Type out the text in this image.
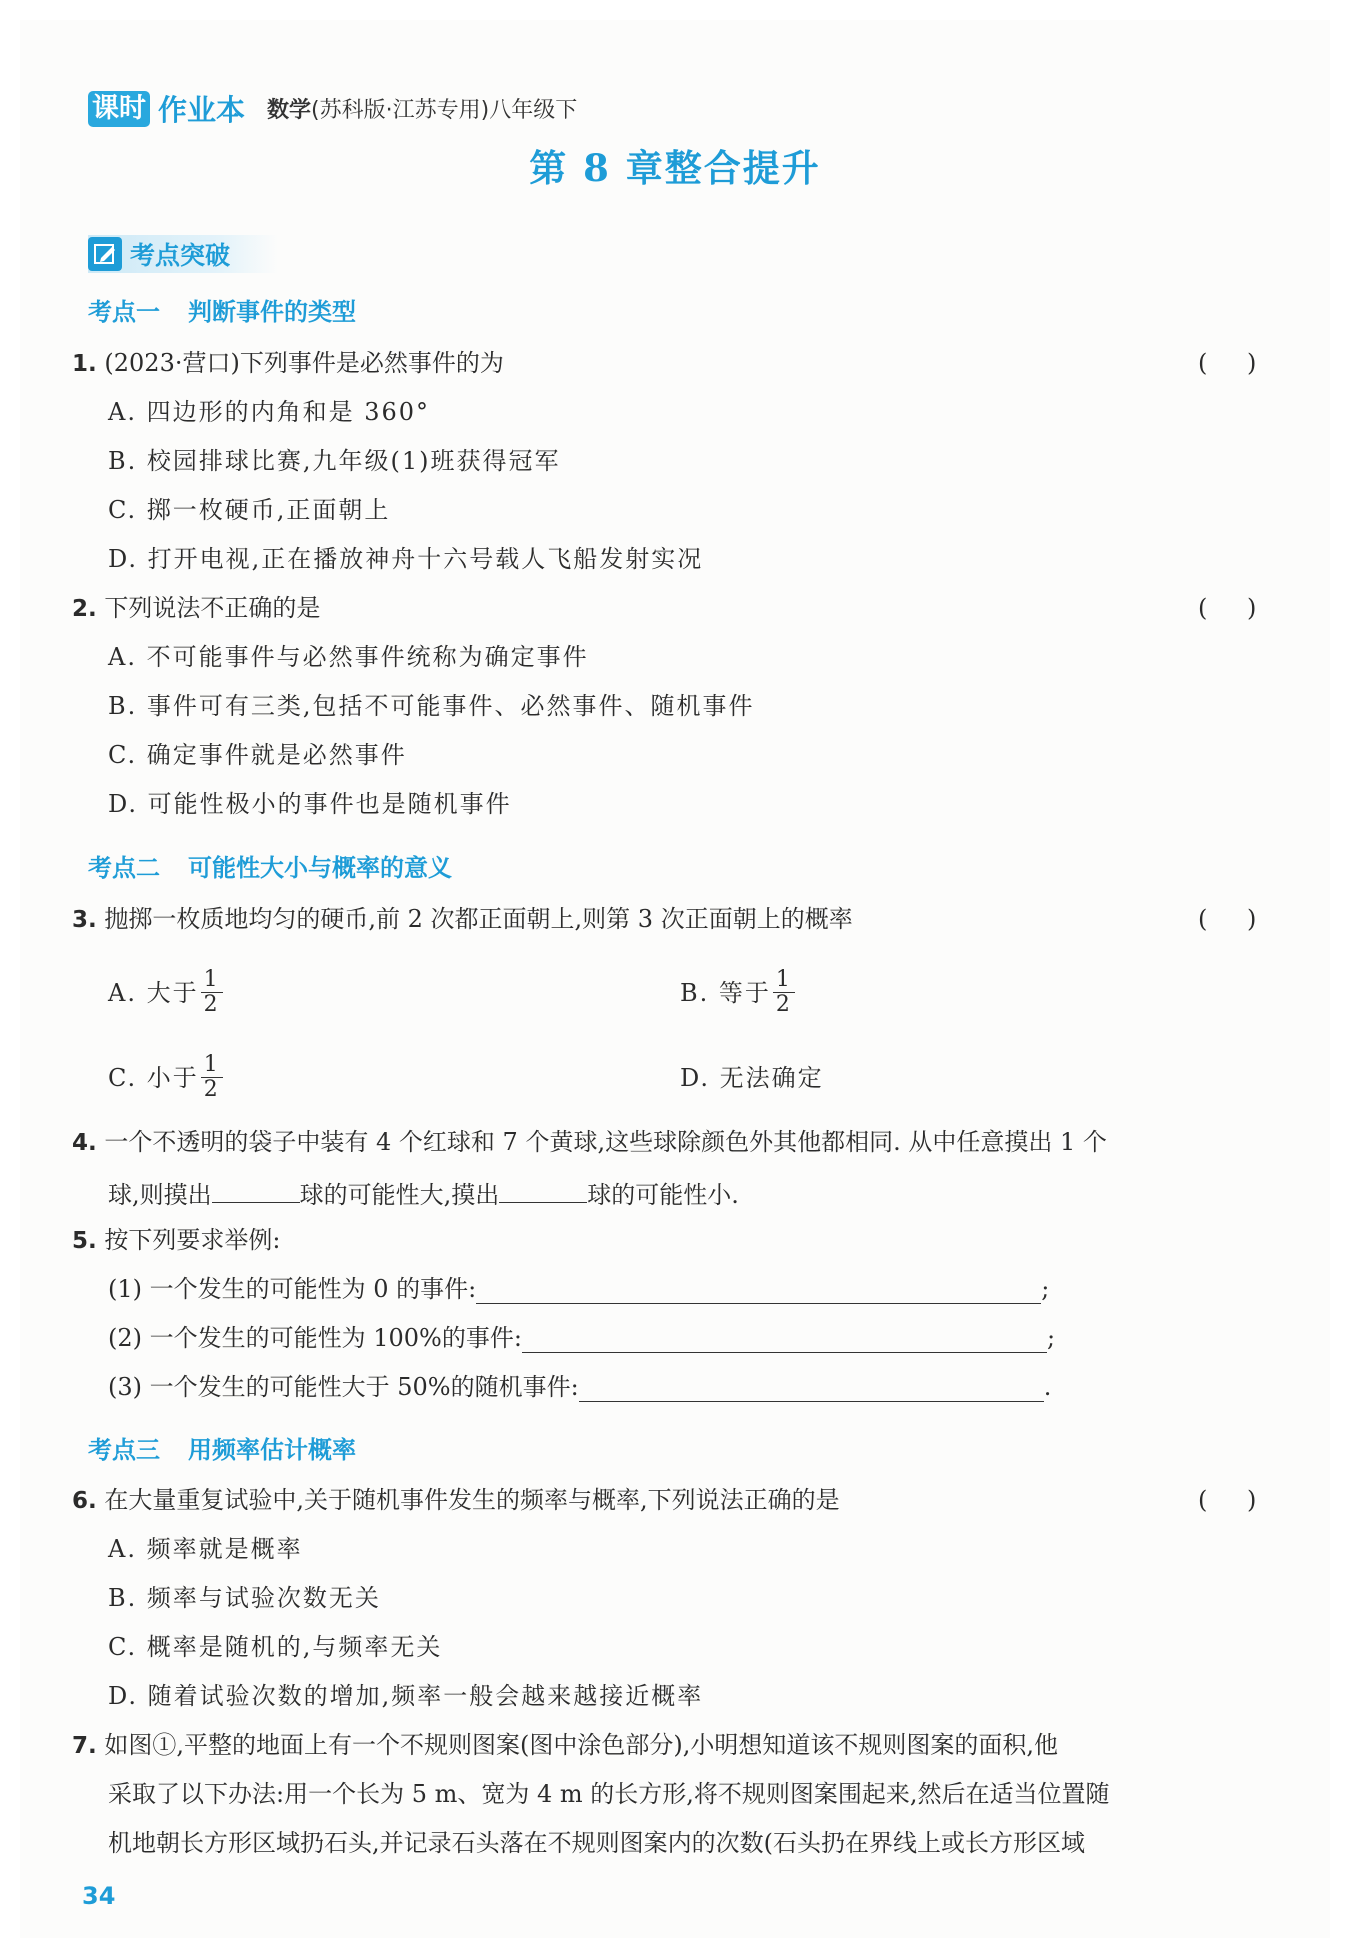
课时 作业本 数学(苏科版·江苏专用)八年级下
第 8 章整合提升
考点突破
考点一 判断事件的类型
1. (2023·营口)下列事件是必然事件的为	( )
A. 四边形的内角和是 360°
B. 校园排球比赛,九年级(1)班获得冠军
C. 掷一枚硬币,正面朝上
D. 打开电视,正在播放神舟十六号载人飞船发射实况
2. 下列说法不正确的是	( )
A. 不可能事件与必然事件统称为确定事件
B. 事件可有三类,包括不可能事件、必然事件、随机事件
C. 确定事件就是必然事件
D. 可能性极小的事件也是随机事件
考点二 可能性大小与概率的意义
3. 抛掷一枚质地均匀的硬币,前 2 次都正面朝上,则第 3 次正面朝上的概率	( )
A. 大于 $\frac{1}{2}$	B. 等于 $\frac{1}{2}$
C. 小于 $\frac{1}{2}$	D. 无法确定
4. 一个不透明的袋子中装有 4 个红球和 7 个黄球,这些球除颜色外其他都相同. 从中任意摸出 1 个
球,则摸出	球的可能性大,摸出	球的可能性小.
5. 按下列要求举例:
(1) 一个发生的可能性为 0 的事件:	;
(2) 一个发生的可能性为 100%的事件:	;
(3) 一个发生的可能性大于 50%的随机事件:	.
考点三 用频率估计概率
6. 在大量重复试验中,关于随机事件发生的频率与概率,下列说法正确的是	( )
A. 频率就是概率
B. 频率与试验次数无关
C. 概率是随机的,与频率无关
D. 随着试验次数的增加,频率一般会越来越接近概率
7. 如图①,平整的地面上有一个不规则图案(图中涂色部分),小明想知道该不规则图案的面积,他
采取了以下办法:用一个长为 5 m、宽为 4 m 的长方形,将不规则图案围起来,然后在适当位置随
机地朝长方形区域扔石头,并记录石头落在不规则图案内的次数(石头扔在界线上或长方形区域
34
